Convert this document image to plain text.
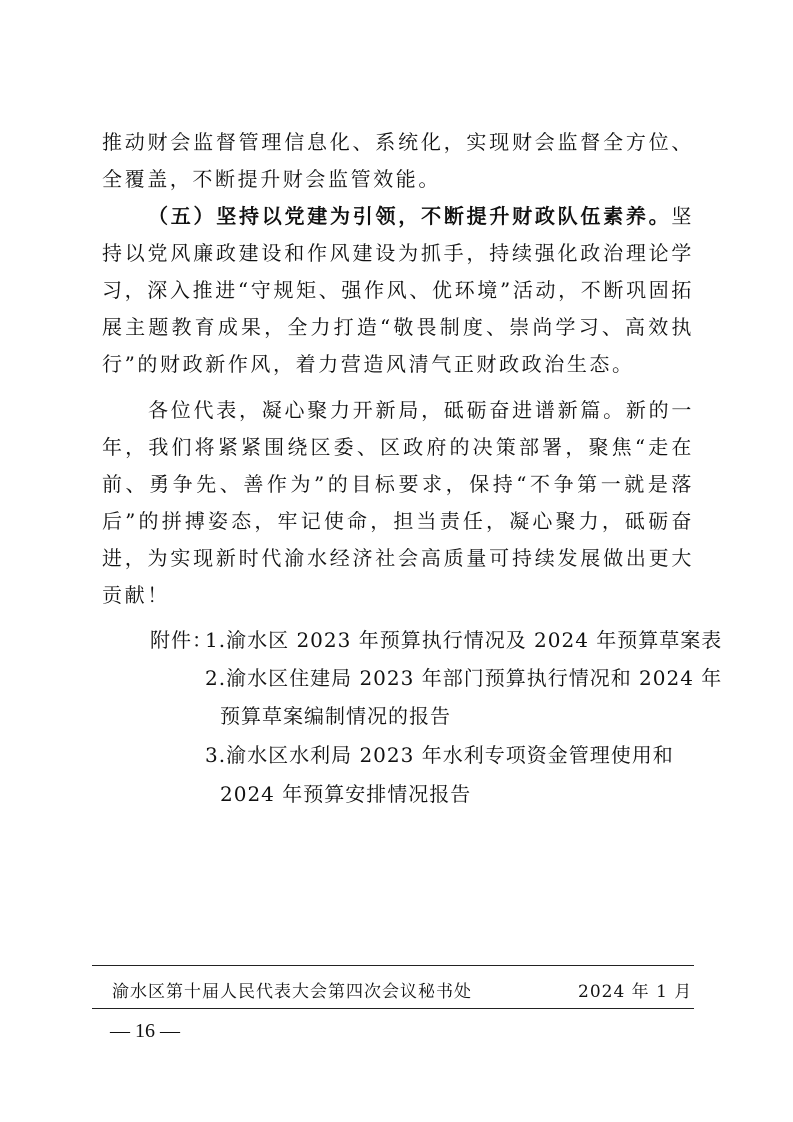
推动财会监督管理信息化、系统化，实现财会监督全方位、全覆盖，不断提升财会监管效能。

（五）坚持以党建为引领，不断提升财政队伍素养。坚持以党风廉政建设和作风建设为抓手，持续强化政治理论学习，深入推进“守规矩、强作风、优环境”活动，不断巩固拓展主题教育成果，全力打造“敬畏制度、崇尚学习、高效执行”的财政新作风，着力营造风清气正财政政治生态。

各位代表，凝心聚力开新局，砥砺奋进谱新篇。新的一年，我们将紧紧围绕区委、区政府的决策部署，聚焦“走在前、勇争先、善作为”的目标要求，保持“不争第一就是落后”的拼搏姿态，牢记使命，担当责任，凝心聚力，砥砺奋进，为实现新时代渝水经济社会高质量可持续发展做出更大贡献！

附件：
1.渝水区 2023 年预算执行情况及 2024 年预算草案表
2.渝水区住建局 2023 年部门预算执行情况和 2024 年
预算草案编制情况的报告
3.渝水区水利局 2023 年水利专项资金管理使用和
2024 年预算安排情况报告
渝水区第十届人民代表大会第四次会议秘书处	2024 年 1 月
— 16 —
